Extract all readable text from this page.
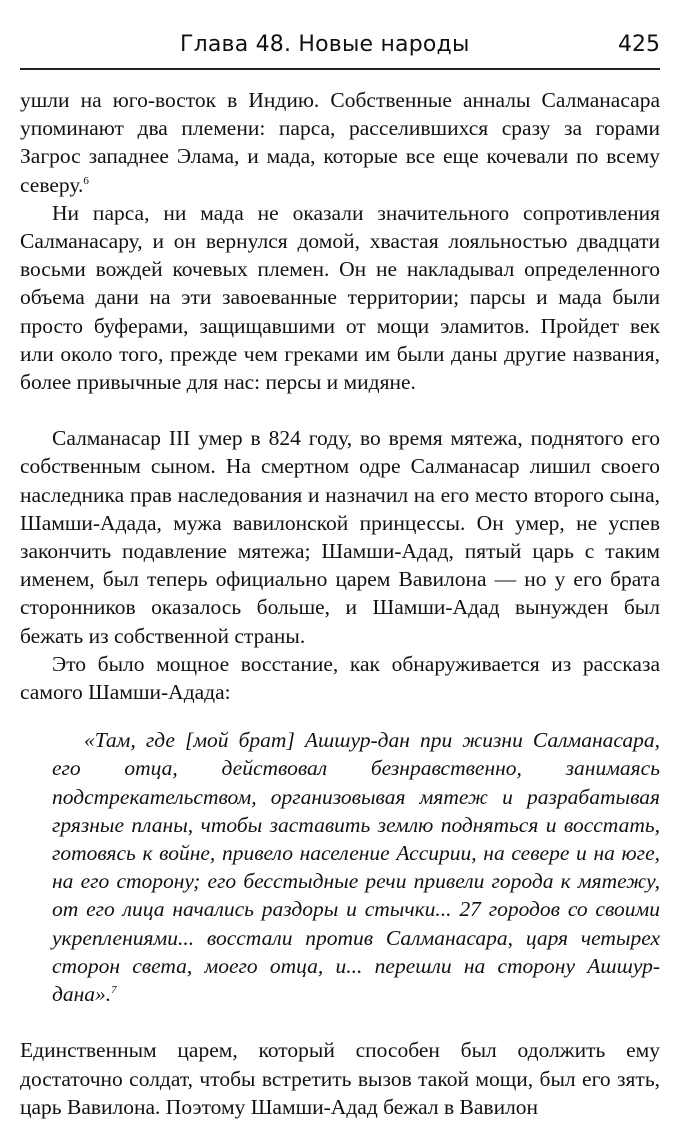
Глава 48. Новые народы	425

ушли на юго-восток в Индию. Собственные анналы Салманасара упоминают два племени: парса, расселившихся сразу за горами Загрос западнее Элама, и мада, которые все еще кочевали по всему северу.$^6$

Ни парса, ни мада не оказали значительного сопротивления Салманасару, и он вернулся домой, хвастая лояльностью двадцати восьми вождей кочевых племен. Он не накладывал определенного объема дани на эти завоеванные территории; парсы и мада были просто буферами, защищавшими от мощи эламитов. Пройдет век или около того, прежде чем греками им были даны другие названия, более привычные для нас: персы и мидяне.

Салманасар III умер в 824 году, во время мятежа, поднятого его собственным сыном. На смертном одре Салманасар лишил своего наследника прав наследования и назначил на его место второго сына, Шамши-Адада, мужа вавилонской принцессы. Он умер, не успев закончить подавление мятежа; Шамши-Адад, пятый царь с таким именем, был теперь официально царем Вавилона — но у его брата сторонников оказалось больше, и Шамши-Адад вынужден был бежать из собственной страны.

Это было мощное восстание, как обнаруживается из рассказа самого Шамши-Адада:

«Там, где [мой брат] Ашшур-дан при жизни Салманасара, его отца, действовал безнравственно, занимаясь подстрекательством, организовывая мятеж и разрабатывая грязные планы, чтобы заставить землю подняться и восстать, готовясь к войне, привело население Ассирии, на севере и на юге, на его сторону; его бесстыдные речи привели города к мятежу, от его лица начались раздоры и стычки... 27 городов со своими укреплениями... восстали против Салманасара, царя четырех сторон света, моего отца, и... перешли на сторону Ашшур-дана».$^7$

Единственным царем, который способен был одолжить ему достаточно солдат, чтобы встретить вызов такой мощи, был его зять, царь Вавилона. Поэтому Шамши-Адад бежал в Вавилон
